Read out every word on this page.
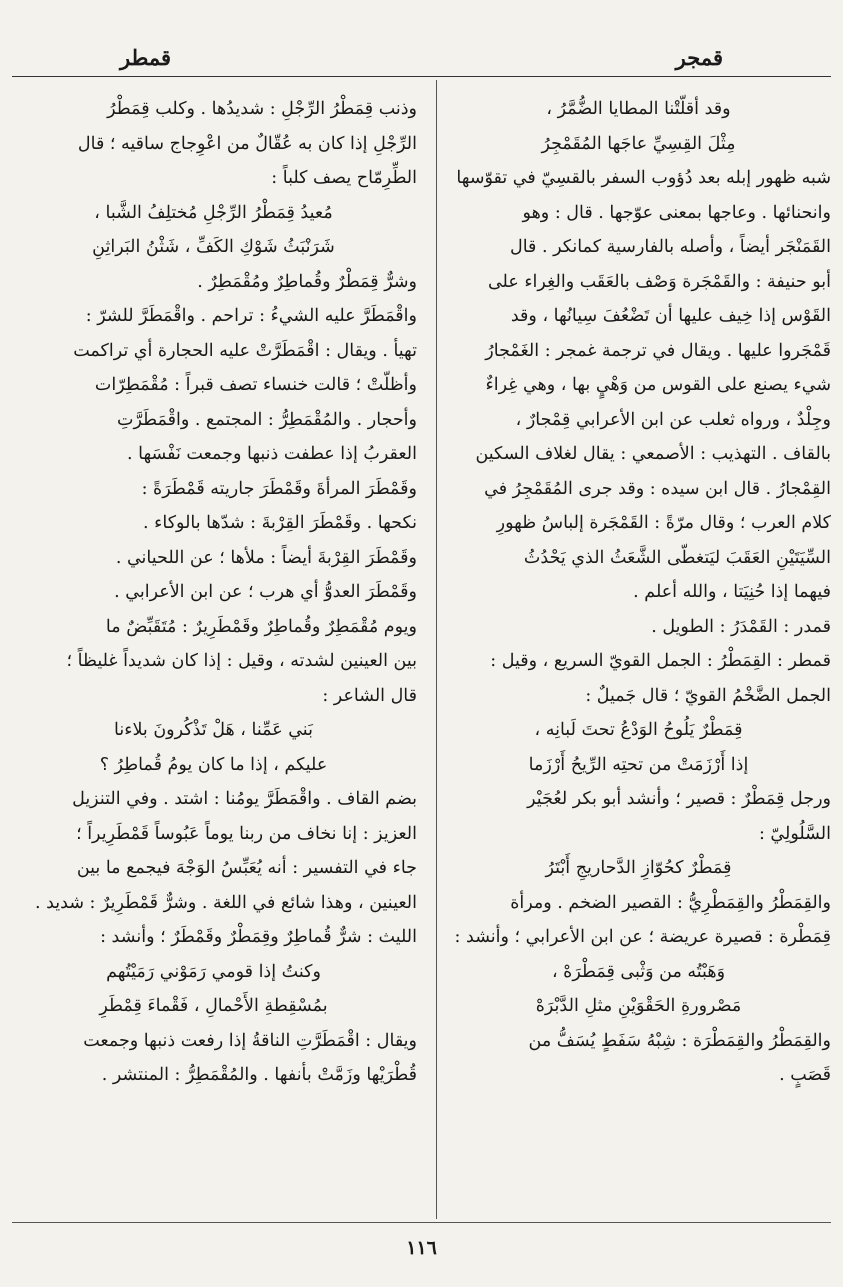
قمطر	قمجر
وقد أقلّتْنا المطايا الضُّمَّرُ ،
مِثْلَ القِسِيِّ عاجَها المُقَمْجِرُ
شبه ظهور إبله بعد دُؤوب السفر بالقسِيّ في تقوّسها
وانحنائها . وعاجها بمعنى عوّجها . قال : وهو
القَمَنْجَر أيضاً ، وأصله بالفارسية كمانكر . قال
أبو حنيفة : والقَمْجَرة وَصْف بالعَقَب والغِراء على
القَوْس إذا خِيف عليها أن تَضْعُفَ سِيانُها ، وقد
قَمْجَروا عليها . ويقال في ترجمة غمجر : الغَمْجارُ
شيء يصنع على القوس من وَهْيٍ بها ، وهي غِراءٌ
وجِلْدٌ ، ورواه ثعلب عن ابن الأعرابي قِمْجارٌ ،
بالقاف . التهذيب : الأصمعي : يقال لغلاف السكين
القِمْجارُ . قال ابن سيده : وقد جرى المُقَمْجِرُ في
كلام العرب ؛ وقال مرّةً : القَمْجَرة إلباسُ ظهورِ
السِّيَتَيْنِ العَقَبَ ليَتغطّى الشَّعَثُ الذي يَحْدُثُ
فيهما إذا حُنِيَتا ، والله أعلم .
قمدر : القَمْدَرُ : الطويل .
قمطر : القِمَطْرُ : الجمل القويّ السريع ، وقيل :
الجمل الضَّخْمُ القويّ ؛ قال جَميلٌ :
قِمَطْرٌ يَلُوحُ الوَدْعُ تحتَ لَبانِه ،
إذا أَرْزَمَتْ من تحتِه الرِّيحُ أَرْزَما
ورجل قِمَطْرٌ : قصير ؛ وأنشد أبو بكر لعُجَيْر
السَّلُولِيّ :
قِمَطْرٌ كحُوّازِ الدَّحاريجِ أَبْتَرُ
والقِمَطْرُ والقِمَطْرِيُّ : القصير الضخم . ومرأة
قِمَطْرة : قصيرة عريضة ؛ عن ابن الأعرابي ؛ وأنشد :
وَهَبْتُه من وَثْبى قِمَطْرَهْ ،
مَصْرورةِ الحَقْوَيْنِ مثلِ الدَّبْرَهْ
والقِمَطْرُ والقِمَطْرَة : شِبْهُ سَفَطٍ يُسَفُّ من
قَصَبٍ .
وذنب قِمَطْرُ الرِّجْلِ : شديدُها . وكلب قِمَطْرُ
الرِّجْلِ إذا كان به عُقّالٌ من اعْوِجاج ساقيه ؛ قال
الطِّرِمّاح يصف كلباً :
مُعيدُ قِمَطْرُ الرِّجْلِ مُختلِفُ الشَّبا ،
شَرَنْبَثُ شَوْكِ الكَفِّ ، شَثْنُ البَراثِنِ
وشرٌّ قِمَطْرٌ وقُماطِرٌ ومُقْمَطِرٌ .
واقْمَطَرَّ عليه الشيءُ : تراحم . واقْمَطَرَّ للشرّ :
تهيأ . ويقال : اقْمَطَرَّتْ عليه الحجارة أي تراكمت
وأظلّتْ ؛ قالت خنساء تصف قبراً : مُقْمَطِرّات
وأحجار . والمُقْمَطِرُّ : المجتمع . واقْمَطَرَّتِ
العقربُ إذا عطفت ذنبها وجمعت نَفْسَها .
وقَمْطَرَ المرأةَ وقَمْطَرَ جاريته قَمْطَرَةً :
نكحها . وقَمْطَرَ القِرْبةَ : شدّها بالوكاء .
وقَمْطَرَ القِرْبةَ أيضاً : ملأها ؛ عن اللحياني .
وقَمْطَرَ العدوُّ أي هرب ؛ عن ابن الأعرابي .
ويوم مُقْمَطِرٌ وقُماطِرٌ وقَمْطَرِيرٌ : مُتَقَبِّضٌ ما
بين العينين لشدته ، وقيل : إذا كان شديداً غليظاً ؛
قال الشاعر :
بَني عَمِّنا ، هَلْ تَذْكُرونَ بلاءنا
عليكم ، إذا ما كان يومُ قُماطِرُ ؟
بضم القاف . واقْمَطَرَّ يومُنا : اشتد . وفي التنزيل
العزيز : إنا نخاف من ربنا يوماً عَبُوساً قَمْطَرِيراً ؛
جاء في التفسير : أنه يُعَبِّسُ الوَجْهَ فيجمع ما بين
العينين ، وهذا شائع في اللغة . وشرٌّ قَمْطَرِيرٌ : شديد .
الليث : شرٌّ قُماطِرٌ وقِمَطْرٌ وقَمْطَرٌ ؛ وأنشد :
وكنتُ إذا قومي رَمَوْني رَمَيْتُهم
بمُسْقِطةِ الأَحْمالِ ، فَقْماءَ قِمْطَرِ
ويقال : اقْمَطَرَّتِ الناقةُ إذا رفعت ذنبها وجمعت
قُطْرَيْها وزَمَّتْ بأنفها . والمُقْمَطِرُّ : المنتشر .
١١٦
